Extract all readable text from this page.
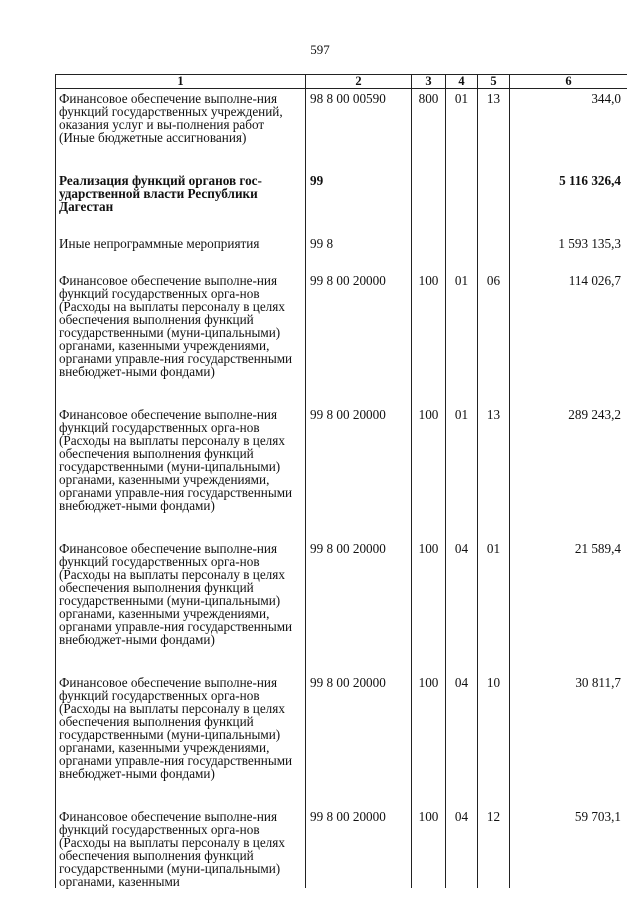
597
1	2	3	4	5	6
Финансовое обеспечение выполне-ния функций государственных учреждений, оказания услуг и вы-полнения работ (Иные бюджетные ассигнования)	98 8 00 00590	800	01	13	344,0

Реализация функций органов гос-ударственной власти Республики Дагестан	99				5 116 326,4

Иные непрограммные мероприятия	99 8				1 593 135,3

Финансовое обеспечение выполне-ния функций государственных орга-нов (Расходы на выплаты персоналу в целях обеспечения выполнения функций государственными (муни-ципальными) органами, казенными учреждениями, органами управле-ния государственными внебюджет-ными фондами)	99 8 00 20000	100	01	06	114 026,7

Финансовое обеспечение выполне-ния функций государственных орга-нов (Расходы на выплаты персоналу в целях обеспечения выполнения функций государственными (муни-ципальными) органами, казенными учреждениями, органами управле-ния государственными внебюджет-ными фондами)	99 8 00 20000	100	01	13	289 243,2

Финансовое обеспечение выполне-ния функций государственных орга-нов (Расходы на выплаты персоналу в целях обеспечения выполнения функций государственными (муни-ципальными) органами, казенными учреждениями, органами управле-ния государственными внебюджет-ными фондами)	99 8 00 20000	100	04	01	21 589,4

Финансовое обеспечение выполне-ния функций государственных орга-нов (Расходы на выплаты персоналу в целях обеспечения выполнения функций государственными (муни-ципальными) органами, казенными учреждениями, органами управле-ния государственными внебюджет-ными фондами)	99 8 00 20000	100	04	10	30 811,7

Финансовое обеспечение выполне-ния функций государственных орга-нов (Расходы на выплаты персоналу в целях обеспечения выполнения функций государственными (муни-ципальными) органами, казенными	99 8 00 20000	100	04	12	59 703,1
